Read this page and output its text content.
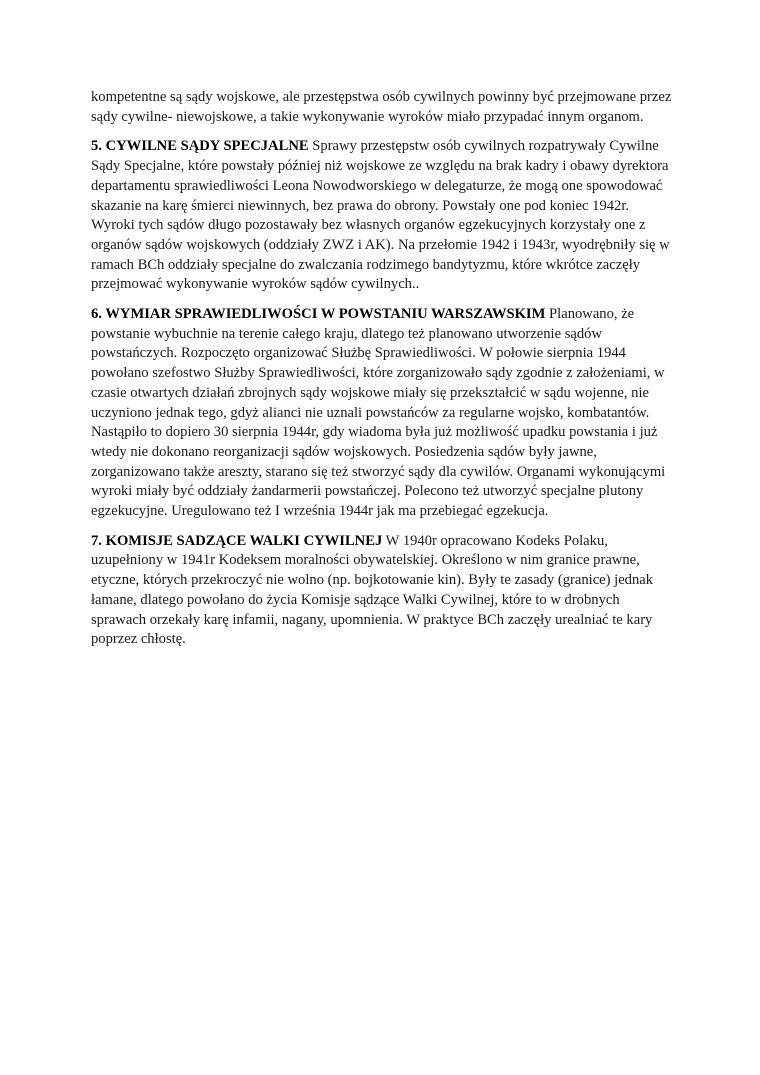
kompetentne są sądy wojskowe, ale przestępstwa osób cywilnych powinny być przejmowane przez sądy cywilne- niewojskowe, a takie wykonywanie wyroków miało przypadać innym organom.

5. CYWILNE SĄDY SPECJALNE Sprawy przestępstw osób cywilnych rozpatrywały Cywilne Sądy Specjalne, które powstały później niż wojskowe ze względu na brak kadry i obawy dyrektora departamentu sprawiedliwości Leona Nowodworskiego w delegaturze, że mogą one spowodować skazanie na karę śmierci niewinnych, bez prawa do obrony. Powstały one pod koniec 1942r. Wyroki tych sądów długo pozostawały bez własnych organów egzekucyjnych korzystały one z organów sądów wojskowych (oddziały ZWZ i AK). Na przełomie 1942 i 1943r, wyodrębniły się w ramach BCh oddziały specjalne do zwalczania rodzimego bandytyzmu, które wkrótce zaczęły przejmować wykonywanie wyroków sądów cywilnych..

6. WYMIAR SPRAWIEDLIWOŚCI W POWSTANIU WARSZAWSKIM Planowano, że powstanie wybuchnie na terenie całego kraju, dlatego też planowano utworzenie sądów powstańczych. Rozpoczęto organizować Służbę Sprawiedliwości. W połowie sierpnia 1944 powołano szefostwo Służby Sprawiedliwości, które zorganizowało sądy zgodnie z założeniami, w czasie otwartych działań zbrojnych sądy wojskowe miały się przekształcić w sądu wojenne, nie uczyniono jednak tego, gdyż alianci nie uznali powstańców za regularne wojsko, kombatantów. Nastąpiło to dopiero 30 sierpnia 1944r, gdy wiadoma była już możliwość upadku powstania i już wtedy nie dokonano reorganizacji sądów wojskowych. Posiedzenia sądów były jawne, zorganizowano także areszty, starano się też stworzyć sądy dla cywilów. Organami wykonującymi wyroki miały być oddziały żandarmerii powstańczej. Polecono też utworzyć specjalne plutony egzekucyjne. Uregulowano też I września 1944r jak ma przebiegać egzekucja.

7. KOMISJE SADZĄCE WALKI CYWILNEJ W 1940r opracowano Kodeks Polaku, uzupełniony w 1941r Kodeksem moralności obywatelskiej. Określono w nim granice prawne, etyczne, których przekroczyć nie wolno (np. bojkotowanie kin). Były te zasady (granice) jednak łamane, dlatego powołano do życia Komisje sądzące Walki Cywilnej, które to w drobnych sprawach orzekały karę infamii, nagany, upomnienia. W praktyce BCh zaczęły urealniać te kary poprzez chłostę.
